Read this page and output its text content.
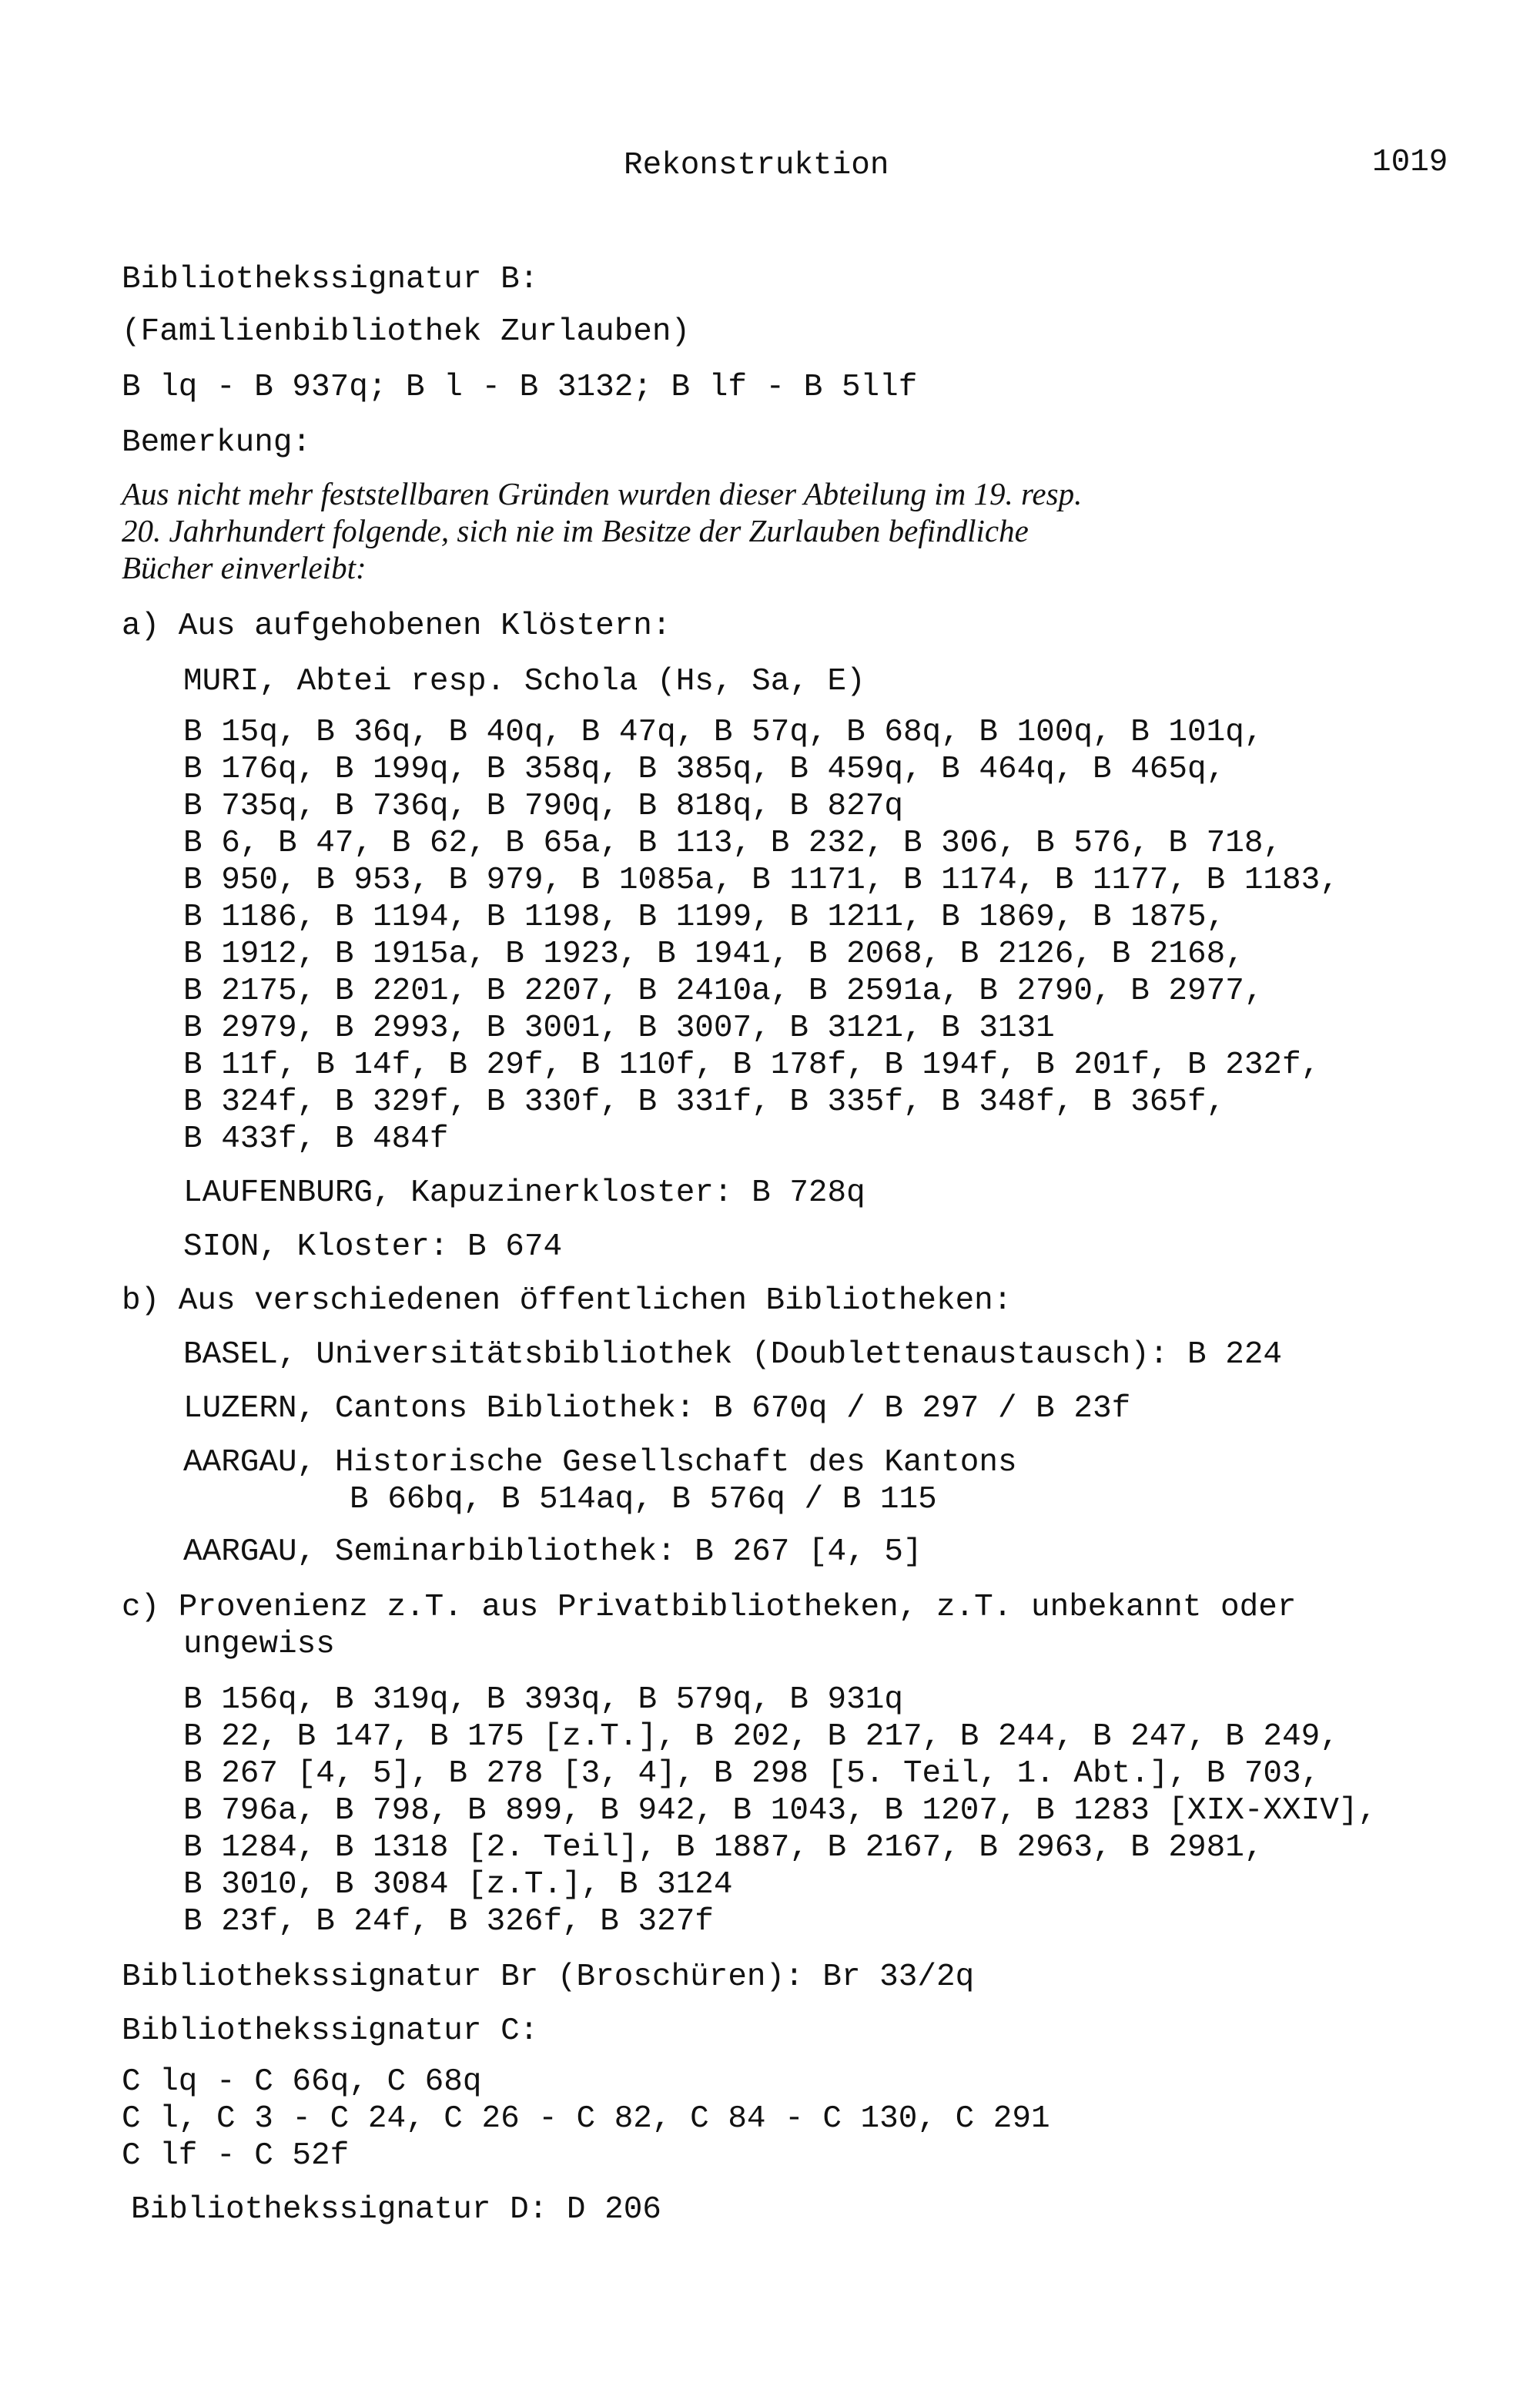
Rekonstruktion	1019
Bibliothekssignatur B:
(Familienbibliothek Zurlauben)
B lq - B 937q; B l - B 3132; B lf - B 5llf
Bemerkung:
Aus nicht mehr feststellbaren Gründen wurden dieser Abteilung im 19. resp.
20. Jahrhundert folgende, sich nie im Besitze der Zurlauben befindliche
Bücher einverleibt:
a) Aus aufgehobenen Klöstern:
MURI, Abtei resp. Schola (Hs, Sa, E)
B 15q, B 36q, B 40q, B 47q, B 57q, B 68q, B 100q, B 101q,
B 176q, B 199q, B 358q, B 385q, B 459q, B 464q, B 465q,
B 735q, B 736q, B 790q, B 818q, B 827q
B 6, B 47, B 62, B 65a, B 113, B 232, B 306, B 576, B 718,
B 950, B 953, B 979, B 1085a, B 1171, B 1174, B 1177, B 1183,
B 1186, B 1194, B 1198, B 1199, B 1211, B 1869, B 1875,
B 1912, B 1915a, B 1923, B 1941, B 2068, B 2126, B 2168,
B 2175, B 2201, B 2207, B 2410a, B 2591a, B 2790, B 2977,
B 2979, B 2993, B 3001, B 3007, B 3121, B 3131
B 11f, B 14f, B 29f, B 110f, B 178f, B 194f, B 201f, B 232f,
B 324f, B 329f, B 330f, B 331f, B 335f, B 348f, B 365f,
B 433f, B 484f
LAUFENBURG, Kapuzinerkloster: B 728q
SION, Kloster: B 674
b) Aus verschiedenen öffentlichen Bibliotheken:
BASEL, Universitätsbibliothek (Doublettenaustausch): B 224
LUZERN, Cantons Bibliothek: B 670q / B 297 / B 23f
AARGAU, Historische Gesellschaft des Kantons
B 66bq, B 514aq, B 576q / B 115
AARGAU, Seminarbibliothek: B 267 [4, 5]
c) Provenienz z.T. aus Privatbibliotheken, z.T. unbekannt oder
ungewiss
B 156q, B 319q, B 393q, B 579q, B 931q
B 22, B 147, B 175 [z.T.], B 202, B 217, B 244, B 247, B 249,
B 267 [4, 5], B 278 [3, 4], B 298 [5. Teil, 1. Abt.], B 703,
B 796a, B 798, B 899, B 942, B 1043, B 1207, B 1283 [XIX-XXIV],
B 1284, B 1318 [2. Teil], B 1887, B 2167, B 2963, B 2981,
B 3010, B 3084 [z.T.], B 3124
B 23f, B 24f, B 326f, B 327f
Bibliothekssignatur Br (Broschüren): Br 33/2q
Bibliothekssignatur C:
C lq - C 66q, C 68q
C l, C 3 - C 24, C 26 - C 82, C 84 - C 130, C 291
C lf - C 52f
Bibliothekssignatur D: D 206
